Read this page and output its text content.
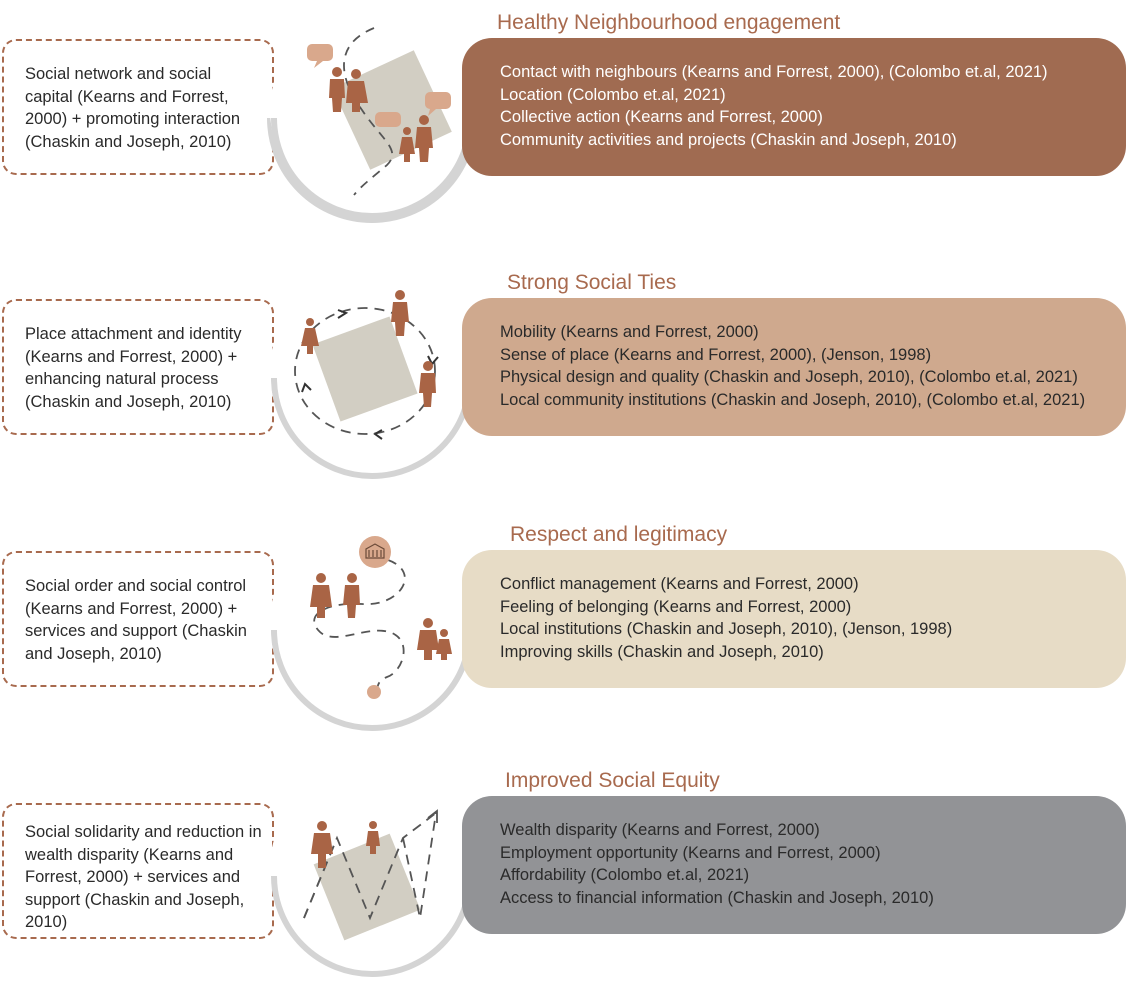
Healthy Neighbourhood engagement
Social network and social capital (Kearns and Forrest, 2000) + promoting interaction (Chaskin and Joseph, 2010)
Contact with neighbours (Kearns and Forrest, 2000), (Colombo et.al, 2021)
Location (Colombo et.al, 2021)
Collective action (Kearns and Forrest, 2000)
Community activities and projects (Chaskin and Joseph, 2010)
Strong Social Ties
Place attachment and identity (Kearns and Forrest, 2000) + enhancing natural process (Chaskin and Joseph, 2010)
Mobility (Kearns and Forrest, 2000)
Sense of place (Kearns and Forrest, 2000), (Jenson, 1998)
Physical design and quality (Chaskin and Joseph, 2010), (Colombo et.al, 2021)
Local community institutions (Chaskin and Joseph, 2010), (Colombo et.al, 2021)
Respect and legitimacy
Social order and social control (Kearns and Forrest, 2000) + services and support (Chaskin and Joseph, 2010)
Conflict management (Kearns and Forrest, 2000)
Feeling of belonging (Kearns and Forrest, 2000)
Local institutions (Chaskin and Joseph, 2010), (Jenson, 1998)
Improving skills (Chaskin and Joseph, 2010)
Improved Social Equity
Social solidarity and reduction in wealth disparity (Kearns and Forrest, 2000) + services and support (Chaskin and Joseph, 2010)
Wealth disparity (Kearns and Forrest, 2000)
Employment opportunity (Kearns and Forrest, 2000)
Affordability (Colombo et.al, 2021)
Access to financial information (Chaskin and Joseph, 2010)
